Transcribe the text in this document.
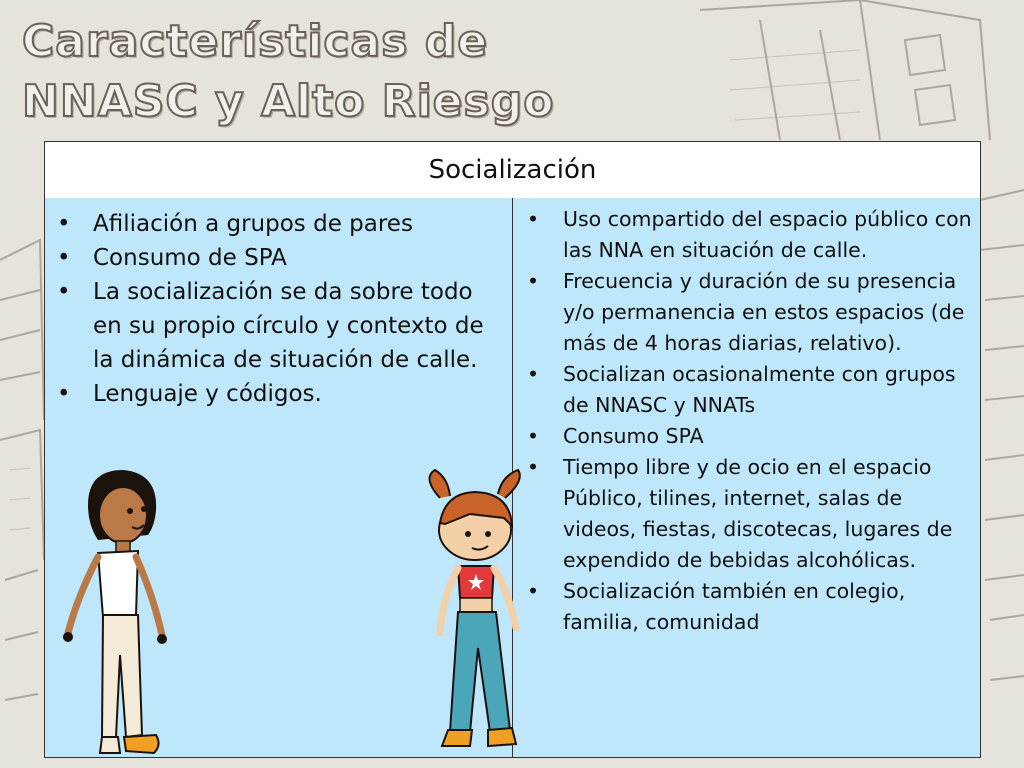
Características de
NNASC y Alto Riesgo
Socialización
• Afiliación a grupos de pares
• Consumo de SPA
• La socialización se da sobre todo en su propio círculo y contexto de la dinámica de situación de calle.
• Lenguaje y códigos.
• Uso compartido del espacio público con las NNA en situación de calle.
• Frecuencia y duración de su presencia y/o permanencia en estos espacios (de más de 4 horas diarias, relativo).
• Socializan ocasionalmente con grupos de NNASC y NNATs
• Consumo SPA
• Tiempo libre y de ocio en el espacio Público, tilines, internet, salas de videos, fiestas, discotecas, lugares de expendido de bebidas alcohólicas.
• Socialización también en colegio, familia, comunidad
